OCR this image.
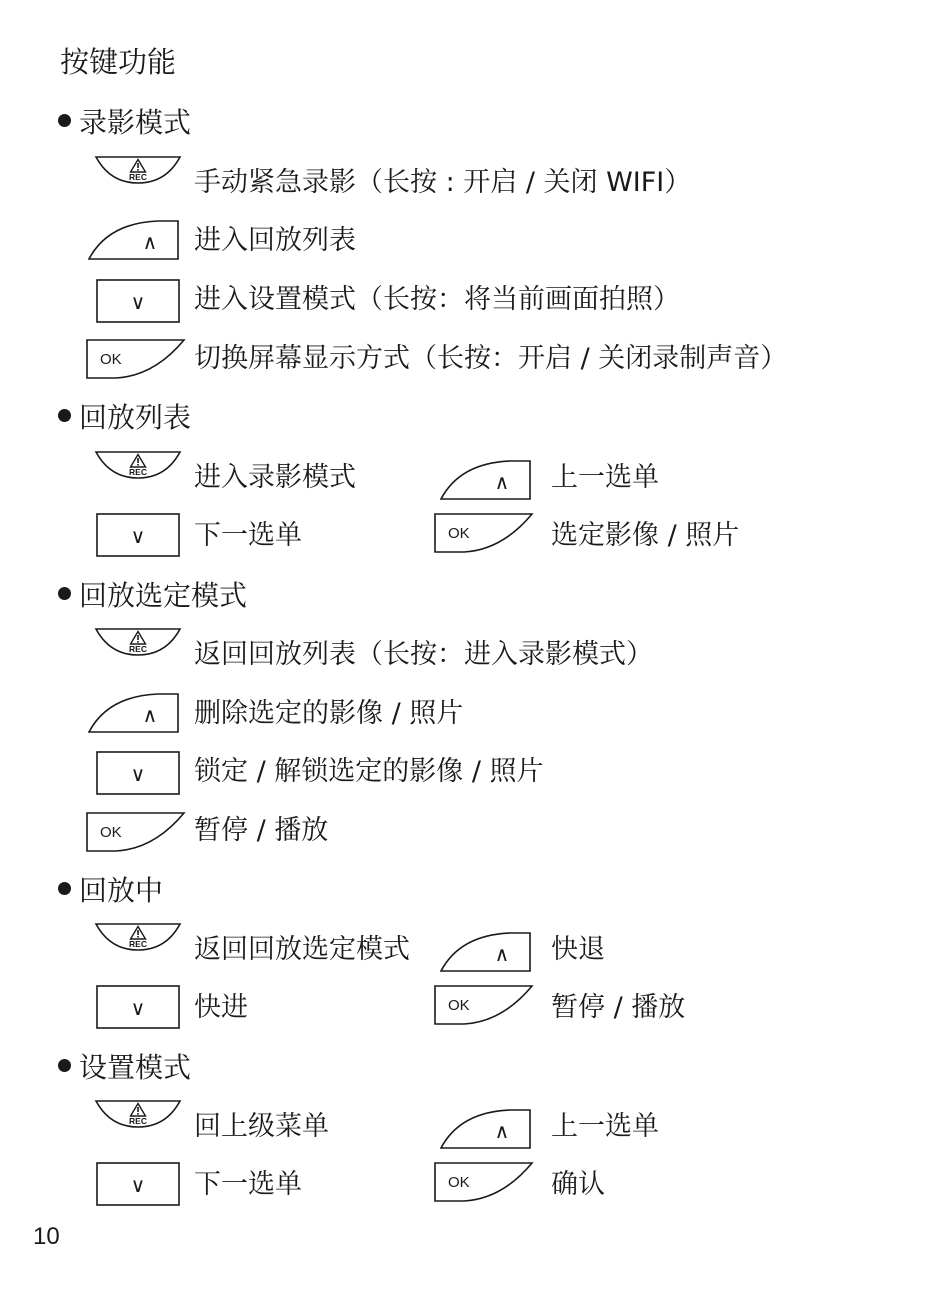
按键功能
录影模式
REC 手动紧急录影（长按 : 开启 / 关闭 WIFI）
∧ 进入回放列表
∨ 进入设置模式（长按：将当前画面拍照）
OK	切换屏幕显示方式（长按：开启 / 关闭录制声音）
回放列表
REC 进入录影模式	∧ 上一选单
∨ 下一选单	OK	选定影像 / 照片
回放选定模式
REC 返回回放列表（长按：进入录影模式）
∧ 删除选定的影像 / 照片
∨ 锁定 / 解锁选定的影像 / 照片
OK	暂停 / 播放
回放中
REC 返回回放选定模式	∧ 快退
∨ 快进	OK	暂停 / 播放
设置模式
REC 回上级菜单	∧ 上一选单
∨ 下一选单	OK	确认
10
